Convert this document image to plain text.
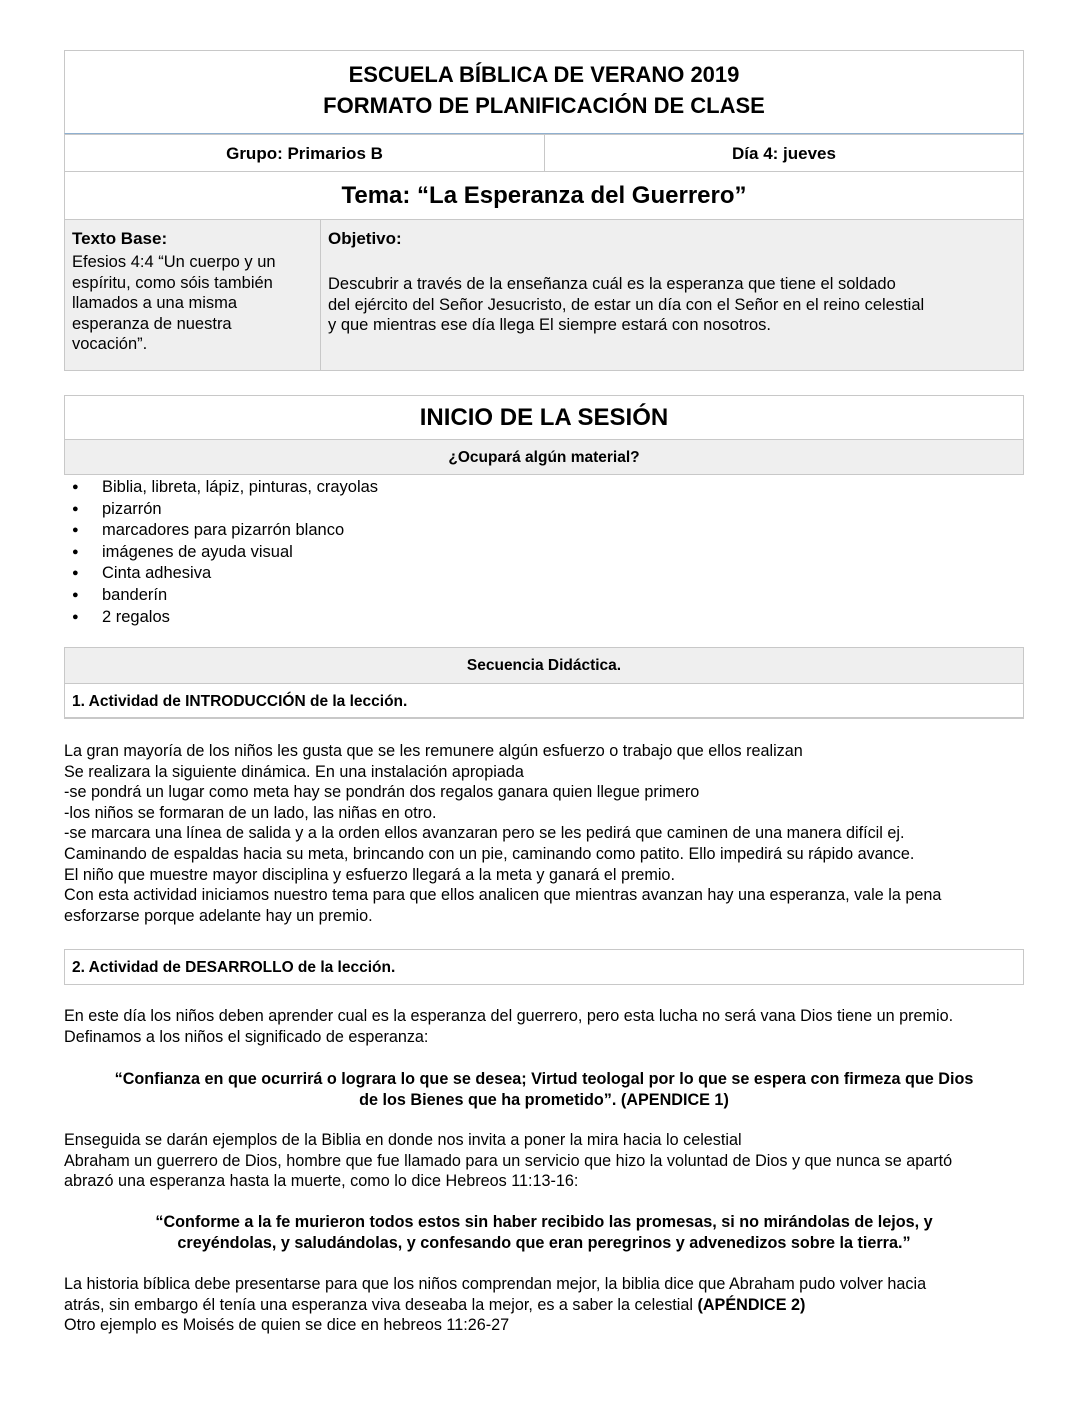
ESCUELA BÍBLICA DE VERANO 2019
FORMATO DE PLANIFICACIÓN DE CLASE
Grupo: Primarios B	Día 4: jueves
Tema: “La Esperanza del Guerrero”
Texto Base:
Efesios 4:4 “Un cuerpo y un
espíritu, como sóis también
llamados a una misma
esperanza de nuestra
vocación”.
Objetivo:
Descubrir a través de la enseñanza cuál es la esperanza que tiene el soldado
del ejército del Señor Jesucristo, de estar un día con el Señor en el reino celestial
y que mientras ese día llega El siempre estará con nosotros.
INICIO DE LA SESIÓN
¿Ocupará algún material?
● Biblia, libreta, lápiz, pinturas, crayolas
● pizarrón
● marcadores para pizarrón blanco
● imágenes de ayuda visual
● Cinta adhesiva
● banderín
● 2 regalos
Secuencia Didáctica.
1. Actividad de INTRODUCCIÓN de la lección.
La gran mayoría de los niños les gusta que se les remunere algún esfuerzo o trabajo que ellos realizan
Se realizara la siguiente dinámica. En una instalación apropiada
-se pondrá un lugar como meta hay se pondrán dos regalos ganara quien llegue primero
-los niños se formaran de un lado, las niñas en otro.
-se marcara una línea de salida y a la orden ellos avanzaran pero se les pedirá que caminen de una manera difícil ej.
Caminando de espaldas hacia su meta, brincando con un pie, caminando como patito. Ello impedirá su rápido avance.
El niño que muestre mayor disciplina y esfuerzo llegará a la meta y ganará el premio.
Con esta actividad iniciamos nuestro tema para que ellos analicen que mientras avanzan hay una esperanza, vale la pena
esforzarse porque adelante hay un premio.
2. Actividad de DESARROLLO de la lección.
En este día los niños deben aprender cual es la esperanza del guerrero, pero esta lucha no será vana Dios tiene un premio.
Definamos a los niños el significado de esperanza:
“Confianza en que ocurrirá o lograra lo que se desea; Virtud teologal por lo que se espera con firmeza que Dios
de los Bienes que ha prometido”. (APENDICE 1)
Enseguida se darán ejemplos de la Biblia en donde nos invita a poner la mira hacia lo celestial
Abraham un guerrero de Dios, hombre que fue llamado para un servicio que hizo la voluntad de Dios y que nunca se apartó
abrazó una esperanza hasta la muerte, como lo dice Hebreos 11:13-16:
“Conforme a la fe murieron todos estos sin haber recibido las promesas, si no mirándolas de lejos, y
creyéndolas, y saludándolas, y confesando que eran peregrinos y advenedizos sobre la tierra.”
La historia bíblica debe presentarse para que los niños comprendan mejor, la biblia dice que Abraham pudo volver hacia
atrás, sin embargo él tenía una esperanza viva deseaba la mejor, es a saber la celestial (APÉNDICE 2)
Otro ejemplo es Moisés de quien se dice en hebreos 11:26-27
